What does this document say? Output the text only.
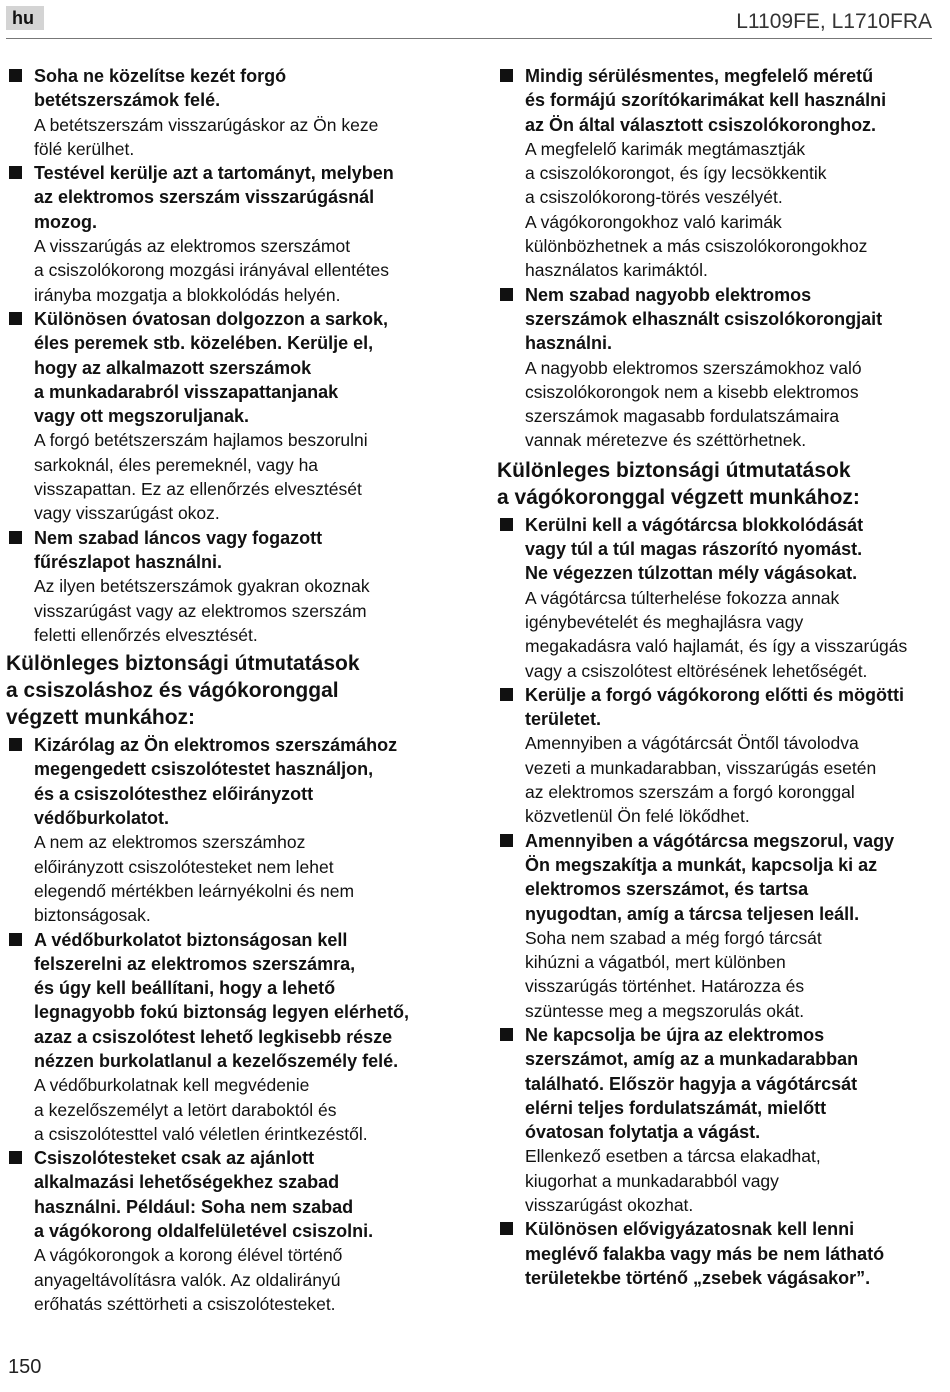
hu	L1109FE, L1710FRA
Soha ne közelítse kezét forgó
betétszerszámok felé.
A betétszerszám visszarúgáskor az Ön keze
fölé kerülhet.
Testével kerülje azt a tartományt, melyben
az elektromos szerszám visszarúgásnál
mozog.
A visszarúgás az elektromos szerszámot
a csiszolókorong mozgási irányával ellentétes
irányba mozgatja a blokkolódás helyén.
Különösen óvatosan dolgozzon a sarkok,
éles peremek stb. közelében. Kerülje el,
hogy az alkalmazott szerszámok
a munkadarabról visszapattanjanak
vagy ott megszoruljanak.
A forgó betétszerszám hajlamos beszorulni
sarkoknál, éles peremeknél, vagy ha
visszapattan. Ez az ellenőrzés elvesztését
vagy visszarúgást okoz.
Nem szabad láncos vagy fogazott
fűrészlapot használni.
Az ilyen betétszerszámok gyakran okoznak
visszarúgást vagy az elektromos szerszám
feletti ellenőrzés elvesztését.
Különleges biztonsági útmutatások
a csiszoláshoz és vágókoronggal
végzett munkához:
Kizárólag az Ön elektromos szerszámához
megengedett csiszolótestet használjon,
és a csiszolótesthez előirányzott
védőburkolatot.
A nem az elektromos szerszámhoz
előirányzott csiszolótesteket nem lehet
elegendő mértékben leárnyékolni és nem
biztonságosak.
A védőburkolatot biztonságosan kell
felszerelni az elektromos szerszámra,
és úgy kell beállítani, hogy a lehető
legnagyobb fokú biztonság legyen elérhető,
azaz a csiszolótest lehető legkisebb része
nézzen burkolatlanul a kezelőszemély felé.
A védőburkolatnak kell megvédenie
a kezelőszemélyt a letört daraboktól és
a csiszolótesttel való véletlen érintkezéstől.
Csiszolótesteket csak az ajánlott
alkalmazási lehetőségekhez szabad
használni. Például: Soha nem szabad
a vágókorong oldalfelületével csiszolni.
A vágókorongok a korong élével történő
anyageltávolításra valók. Az oldalirányú
erőhatás széttörheti a csiszolótesteket.
Mindig sérülésmentes, megfelelő méretű
és formájú szorítókarimákat kell használni
az Ön által választott csiszolókoronghoz.
A megfelelő karimák megtámasztják
a csiszolókorongot, és így lecsökkentik
a csiszolókorong-törés veszélyét.
A vágókorongokhoz való karimák
különbözhetnek a más csiszolókorongokhoz
használatos karimáktól.
Nem szabad nagyobb elektromos
szerszámok elhasznált csiszolókorongjait
használni.
A nagyobb elektromos szerszámokhoz való
csiszolókorongok nem a kisebb elektromos
szerszámok magasabb fordulatszámaira
vannak méretezve és széttörhetnek.
Különleges biztonsági útmutatások
a vágókoronggal végzett munkához:
Kerülni kell a vágótárcsa blokkolódását
vagy túl a túl magas rászorító nyomást.
Ne végezzen túlzottan mély vágásokat.
A vágótárcsa túlterhelése fokozza annak
igénybevételét és meghajlásra vagy
megakadásra való hajlamát, és így a visszarúgás
vagy a csiszolótest eltörésének lehetőségét.
Kerülje a forgó vágókorong előtti és mögötti
területet.
Amennyiben a vágótárcsát Öntől távolodva
vezeti a munkadarabban, visszarúgás esetén
az elektromos szerszám a forgó koronggal
közvetlenül Ön felé lökődhet.
Amennyiben a vágótárcsa megszorul, vagy
Ön megszakítja a munkát, kapcsolja ki az
elektromos szerszámot, és tartsa
nyugodtan, amíg a tárcsa teljesen leáll.
Soha nem szabad a még forgó tárcsát
kihúzni a vágatból, mert különben
visszarúgás történhet. Határozza és
szüntesse meg a megszorulás okát.
Ne kapcsolja be újra az elektromos
szerszámot, amíg az a munkadarabban
található. Először hagyja a vágótárcsát
elérni teljes fordulatszámát, mielőtt
óvatosan folytatja a vágást.
Ellenkező esetben a tárcsa elakadhat,
kiugorhat a munkadarabból vagy
visszarúgást okozhat.
Különösen elővigyázatosnak kell lenni
meglévő falakba vagy más be nem látható
területekbe történő „zsebek vágásakor”.
150
